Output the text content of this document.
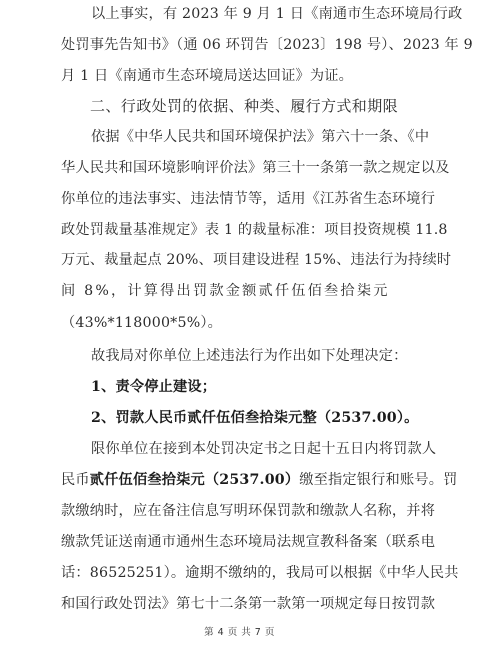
以上事实，有 2023 年 9 月 1 日《南通市生态环境局行政
处罚事先告知书》（通 06 环罚告〔2023〕198 号）、2023 年 9
月 1 日《南通市生态环境局送达回证》为证。
二、行政处罚的依据、种类、履行方式和期限
依据《中华人民共和国环境保护法》第六十一条、《中
华人民共和国环境影响评价法》第三十一条第一款之规定以及
你单位的违法事实、违法情节等，适用《江苏省生态环境行
政处罚裁量基准规定》表 1 的裁量标准：项目投资规模 11.8
万元、裁量起点 20%、项目建设进程 15%、违法行为持续时
间 8%，计算得出罚款金额贰仟伍佰叁拾柒元
（43%*118000*5%）。
故我局对你单位上述违法行为作出如下处理决定：
1、责令停止建设；
2、罚款人民币贰仟伍佰叁拾柒元整（2537.00）。
限你单位在接到本处罚决定书之日起十五日内将罚款人
民币 贰仟伍佰叁拾柒元（2537.00） 缴至指定银行和账号。罚
款缴纳时，应在备注信息写明环保罚款和缴款人名称，并将
缴款凭证送南通市通州生态环境局法规宣教科备案（联系电
话：86525251）。逾期不缴纳的，我局可以根据《中华人民共
和国行政处罚法》第七十二条第一款第一项规定每日按罚款
第 4 页 共 7 页
